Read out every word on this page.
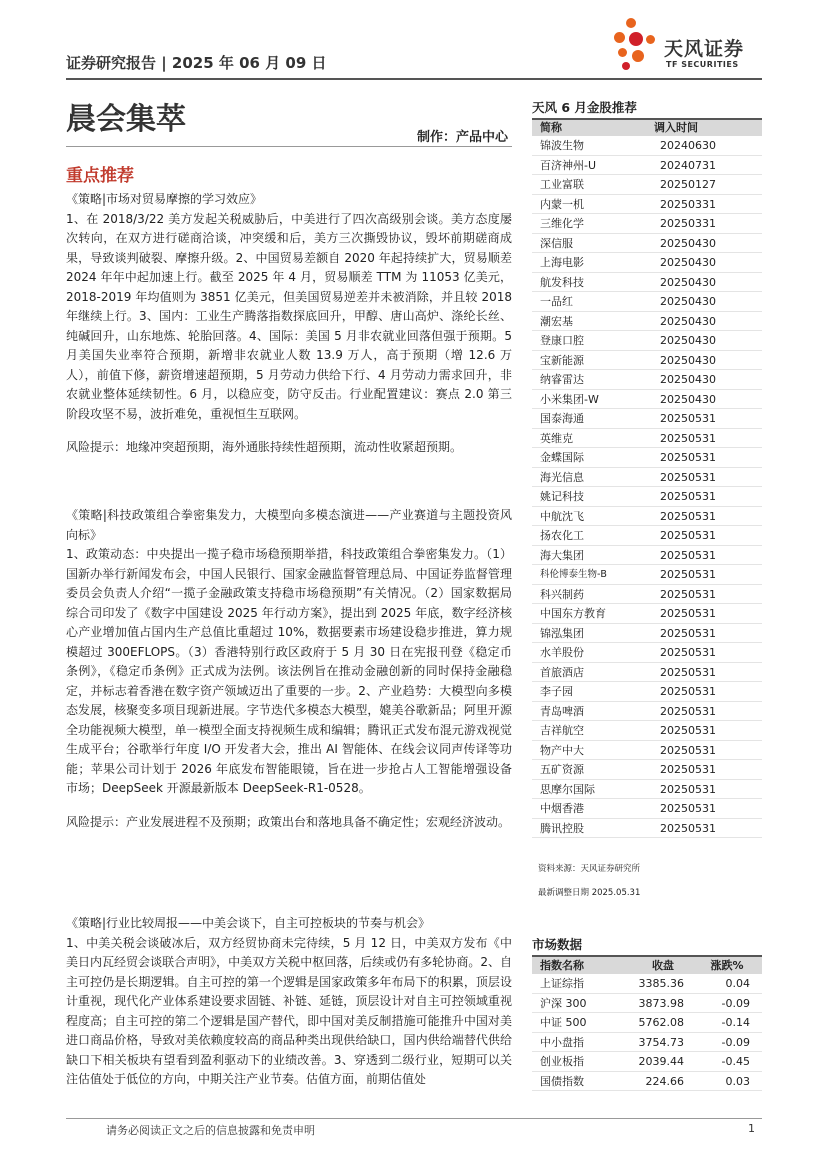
证券研究报告 | 2025 年 06 月 09 日
天风证券
TF SECURITIES
晨会集萃
制作：产品中心
重点推荐

《策略|市场对贸易摩擦的学习效应》

1、在 2018/3/22 美方发起关税威胁后，中美进行了四次高级别会谈。美方态度屡次转向，在双方进行磋商洽谈，冲突缓和后，美方三次撕毁协议，毁坏前期磋商成果，导致谈判破裂、摩擦升级。2、中国贸易差额自 2020 年起持续扩大，贸易顺差 2024 年年中起加速上行。截至 2025 年 4 月，贸易顺差 TTM 为 11053 亿美元，2018-2019 年均值则为 3851 亿美元，但美国贸易逆差并未被消除，并且较 2018 年继续上行。3、国内：工业生产腾落指数探底回升，甲醇、唐山高炉、涤纶长丝、纯碱回升，山东地炼、轮胎回落。4、国际：美国 5 月非农就业回落但强于预期。5 月美国失业率符合预期，新增非农就业人数 13.9 万人，高于预期（增 12.6 万人），前值下修，薪资增速超预期，5 月劳动力供给下行、4 月劳动力需求回升，非农就业整体延续韧性。6 月，以稳应变，防守反击。行业配置建议：赛点 2.0 第三阶段攻坚不易，波折难免，重视恒生互联网。

风险提示：地缘冲突超预期，海外通胀持续性超预期，流动性收紧超预期。

《策略|科技政策组合拳密集发力，大模型向多模态演进——产业赛道与主题投资风向标》

1、政策动态：中央提出一揽子稳市场稳预期举措，科技政策组合拳密集发力。（1）国新办举行新闻发布会，中国人民银行、国家金融监督管理总局、中国证券监督管理委员会负责人介绍“一揽子金融政策支持稳市场稳预期”有关情况。（2）国家数据局综合司印发了《数字中国建设 2025 年行动方案》，提出到 2025 年底，数字经济核心产业增加值占国内生产总值比重超过 10%，数据要素市场建设稳步推进，算力规模超过 300EFLOPS。（3）香港特别行政区政府于 5 月 30 日在宪报刊登《稳定币条例》，《稳定币条例》正式成为法例。该法例旨在推动金融创新的同时保持金融稳定，并标志着香港在数字资产领域迈出了重要的一步。2、产业趋势：大模型向多模态发展，核聚变多项目现新进展。字节迭代多模态大模型，媲美谷歌新品；阿里开源全功能视频大模型，单一模型全面支持视频生成和编辑；腾讯正式发布混元游戏视觉生成平台；谷歌举行年度 I/O 开发者大会，推出 AI 智能体、在线会议同声传译等功能；苹果公司计划于 2026 年底发布智能眼镜，旨在进一步抢占人工智能增强设备市场；DeepSeek 开源最新版本 DeepSeek-R1-0528。

风险提示：产业发展进程不及预期；政策出台和落地具备不确定性；宏观经济波动。

《策略|行业比较周报——中美会谈下，自主可控板块的节奏与机会》

1、中美关税会谈破冰后，双方经贸协商未完待续，5 月 12 日，中美双方发布《中美日内瓦经贸会谈联合声明》，中美双方关税中枢回落，后续或仍有多轮协商。2、自主可控仍是长期逻辑。自主可控的第一个逻辑是国家政策多年布局下的积累，顶层设计重视，现代化产业体系建设要求固链、补链、延链，顶层设计对自主可控领域重视程度高；自主可控的第二个逻辑是国产替代，即中国对美反制措施可能推升中国对美进口商品价格，导致对美依赖度较高的商品种类出现供给缺口，国内供给端替代供给缺口下相关板块有望看到盈利驱动下的业绩改善。3、穿透到二级行业，短期可以关注估值处于低位的方向，中期关注产业节奏。估值方面，前期估值处

天风 6 月金股推荐
简称	调入时间
锦波生物	20240630
百济神州-U	20240731
工业富联	20250127
内蒙一机	20250331
三维化学	20250331
深信服	20250430
上海电影	20250430
航发科技	20250430
一品红	20250430
潮宏基	20250430
登康口腔	20250430
宝新能源	20250430
纳睿雷达	20250430
小米集团-W	20250430
国泰海通	20250531
英维克	20250531
金蝶国际	20250531
海光信息	20250531
姚记科技	20250531
中航沈飞	20250531
扬农化工	20250531
海大集团	20250531
科伦博泰生物-B	20250531
科兴制药	20250531
中国东方教育	20250531
锦泓集团	20250531
水羊股份	20250531
首旅酒店	20250531
李子园	20250531
青岛啤酒	20250531
吉祥航空	20250531
物产中大	20250531
五矿资源	20250531
思摩尔国际	20250531
中烟香港	20250531
腾讯控股	20250531
资料来源：天风证券研究所
最新调整日期 2025.05.31
市场数据
指数名称	收盘	涨跌%
上证综指	3385.36	0.04
沪深 300	3873.98	-0.09
中证 500	5762.08	-0.14
中小盘指	3754.73	-0.09
创业板指	2039.44	-0.45
国债指数	224.66	0.03
请务必阅读正文之后的信息披露和免责申明	1
